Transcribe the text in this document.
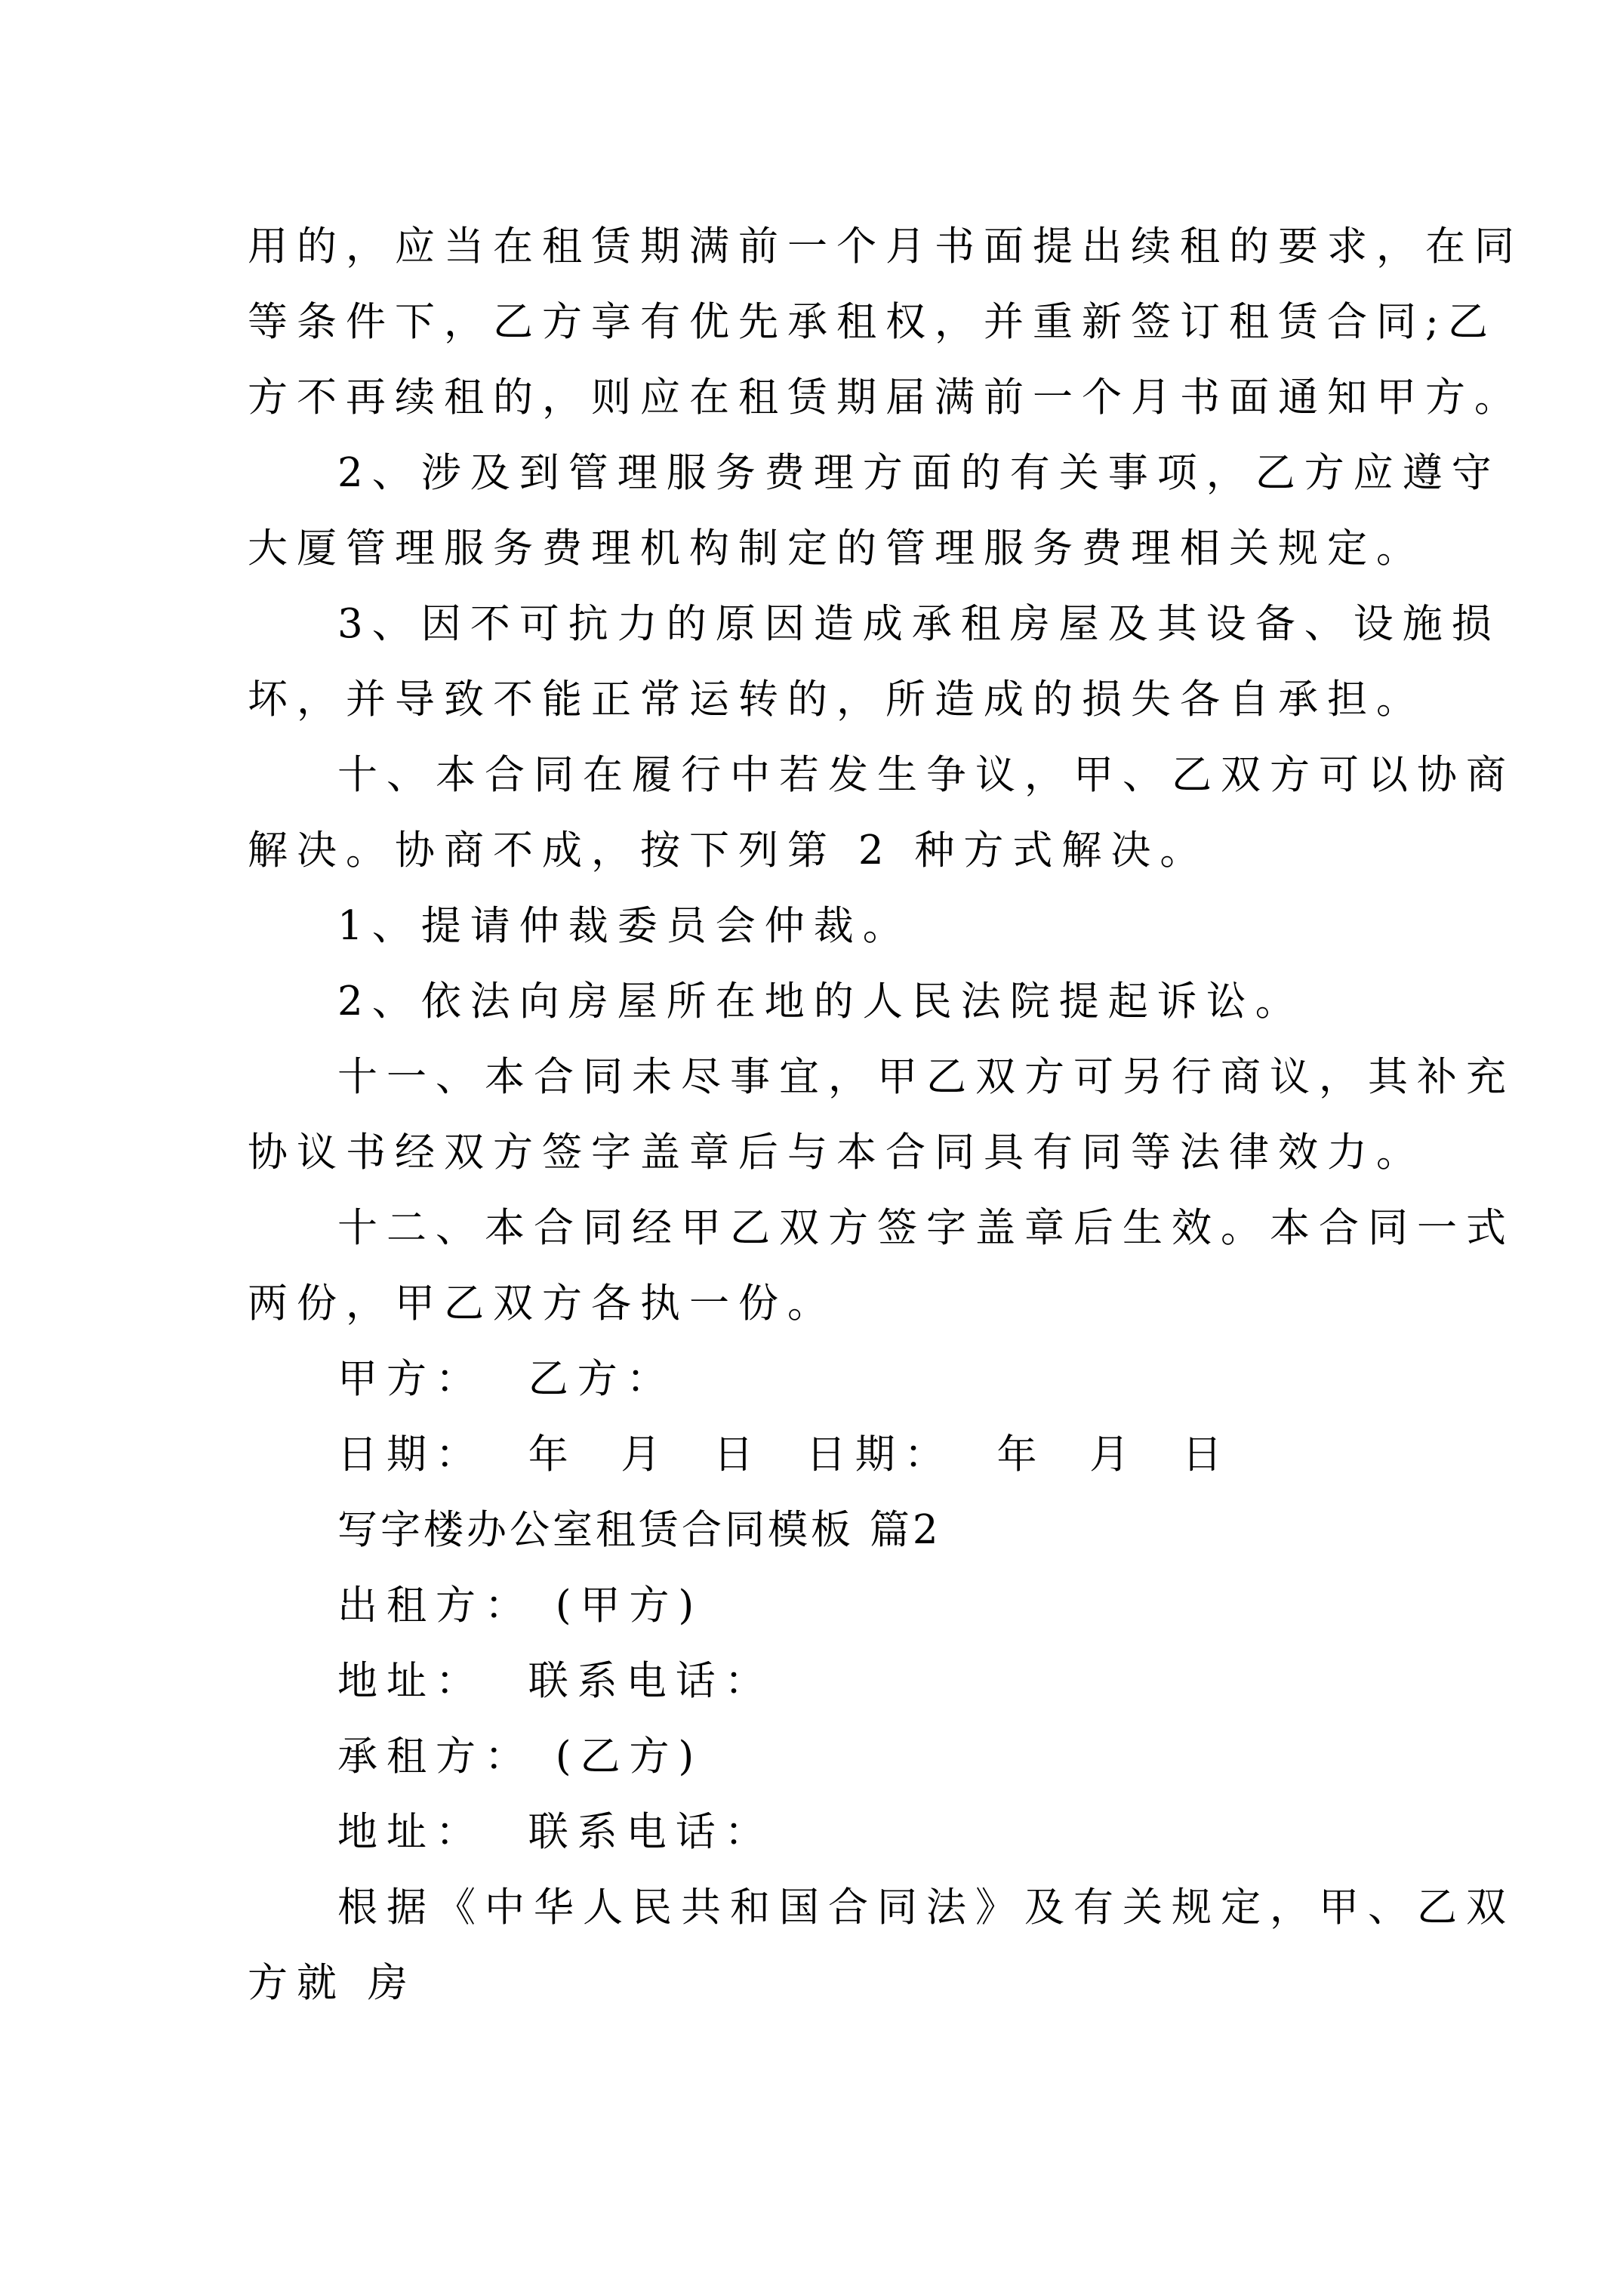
用的，应当在租赁期满前一个月书面提出续租的要求，在同

等条件下，乙方享有优先承租权，并重新签订租赁合同;乙

方不再续租的，则应在租赁期届满前一个月书面通知甲方。

2、涉及到管理服务费理方面的有关事项，乙方应遵守

大厦管理服务费理机构制定的管理服务费理相关规定。

3、因不可抗力的原因造成承租房屋及其设备、设施损

坏，并导致不能正常运转的，所造成的损失各自承担。

十、本合同在履行中若发生争议，甲、乙双方可以协商

解决。协商不成，按下列第 2 种方式解决。

1、提请仲裁委员会仲裁。

2、依法向房屋所在地的人民法院提起诉讼。

十一、本合同未尽事宜，甲乙双方可另行商议，其补充

协议书经双方签字盖章后与本合同具有同等法律效力。

十二、本合同经甲乙双方签字盖章后生效。本合同一式

两份，甲乙双方各执一份。

甲方：  乙方：

日期：  年  月  日  日期：  年  月  日

写字楼办公室租赁合同模板 篇2

出租方： (甲方)

地址：  联系电话：

承租方： (乙方)

地址：  联系电话：

根据《中华人民共和国合同法》及有关规定，甲、乙双

方就 房
